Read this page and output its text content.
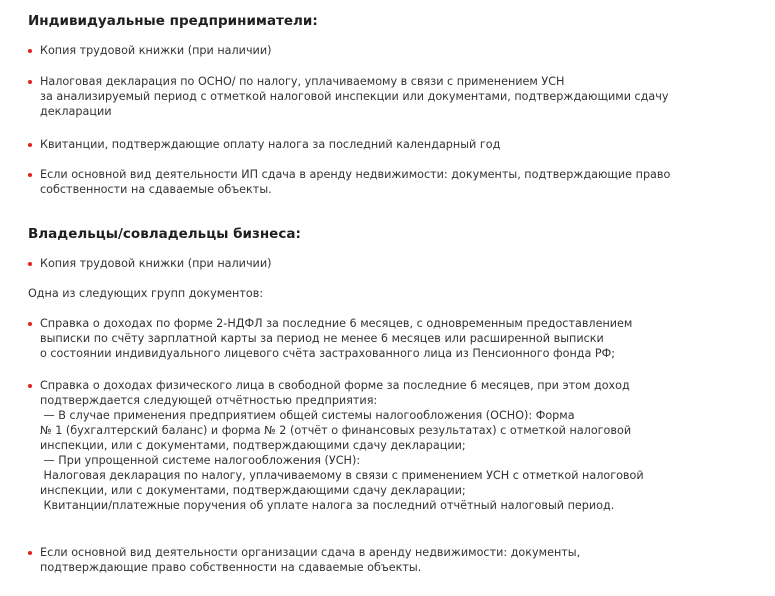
Индивидуальные предприниматели:
Копия трудовой книжки (при наличии)
Налоговая декларация по ОСНО/ по налогу, уплачиваемому в связи с применением УСН
за анализируемый период с отметкой налоговой инспекции или документами, подтверждающими сдачу
декларации
Квитанции, подтверждающие оплату налога за последний календарный год
Если основной вид деятельности ИП сдача в аренду недвижимости: документы, подтверждающие право
собственности на сдаваемые объекты.
Владельцы/совладельцы бизнеса:
Копия трудовой книжки (при наличии)
Одна из следующих групп документов:
Справка о доходах по форме 2-НДФЛ за последние 6 месяцев, с одновременным предоставлением
выписки по счёту зарплатной карты за период не менее 6 месяцев или расширенной выписки
о состоянии индивидуального лицевого счёта застрахованного лица из Пенсионного фонда РФ;
Справка о доходах физического лица в свободной форме за последние 6 месяцев, при этом доход
подтверждается следующей отчётностью предприятия:
— В случае применения предприятием общей системы налогообложения (ОСНО): Форма
№ 1 (бухгалтерский баланс) и форма № 2 (отчёт о финансовых результатах) с отметкой налоговой
инспекции, или с документами, подтверждающими сдачу декларации;
— При упрощенной системе налогообложения (УСН):
Налоговая декларация по налогу, уплачиваемому в связи с применением УСН с отметкой налоговой
инспекции, или с документами, подтверждающими сдачу декларации;
Квитанции/платежные поручения об уплате налога за последний отчётный налоговый период.
Если основной вид деятельности организации сдача в аренду недвижимости: документы,
подтверждающие право собственности на сдаваемые объекты.
